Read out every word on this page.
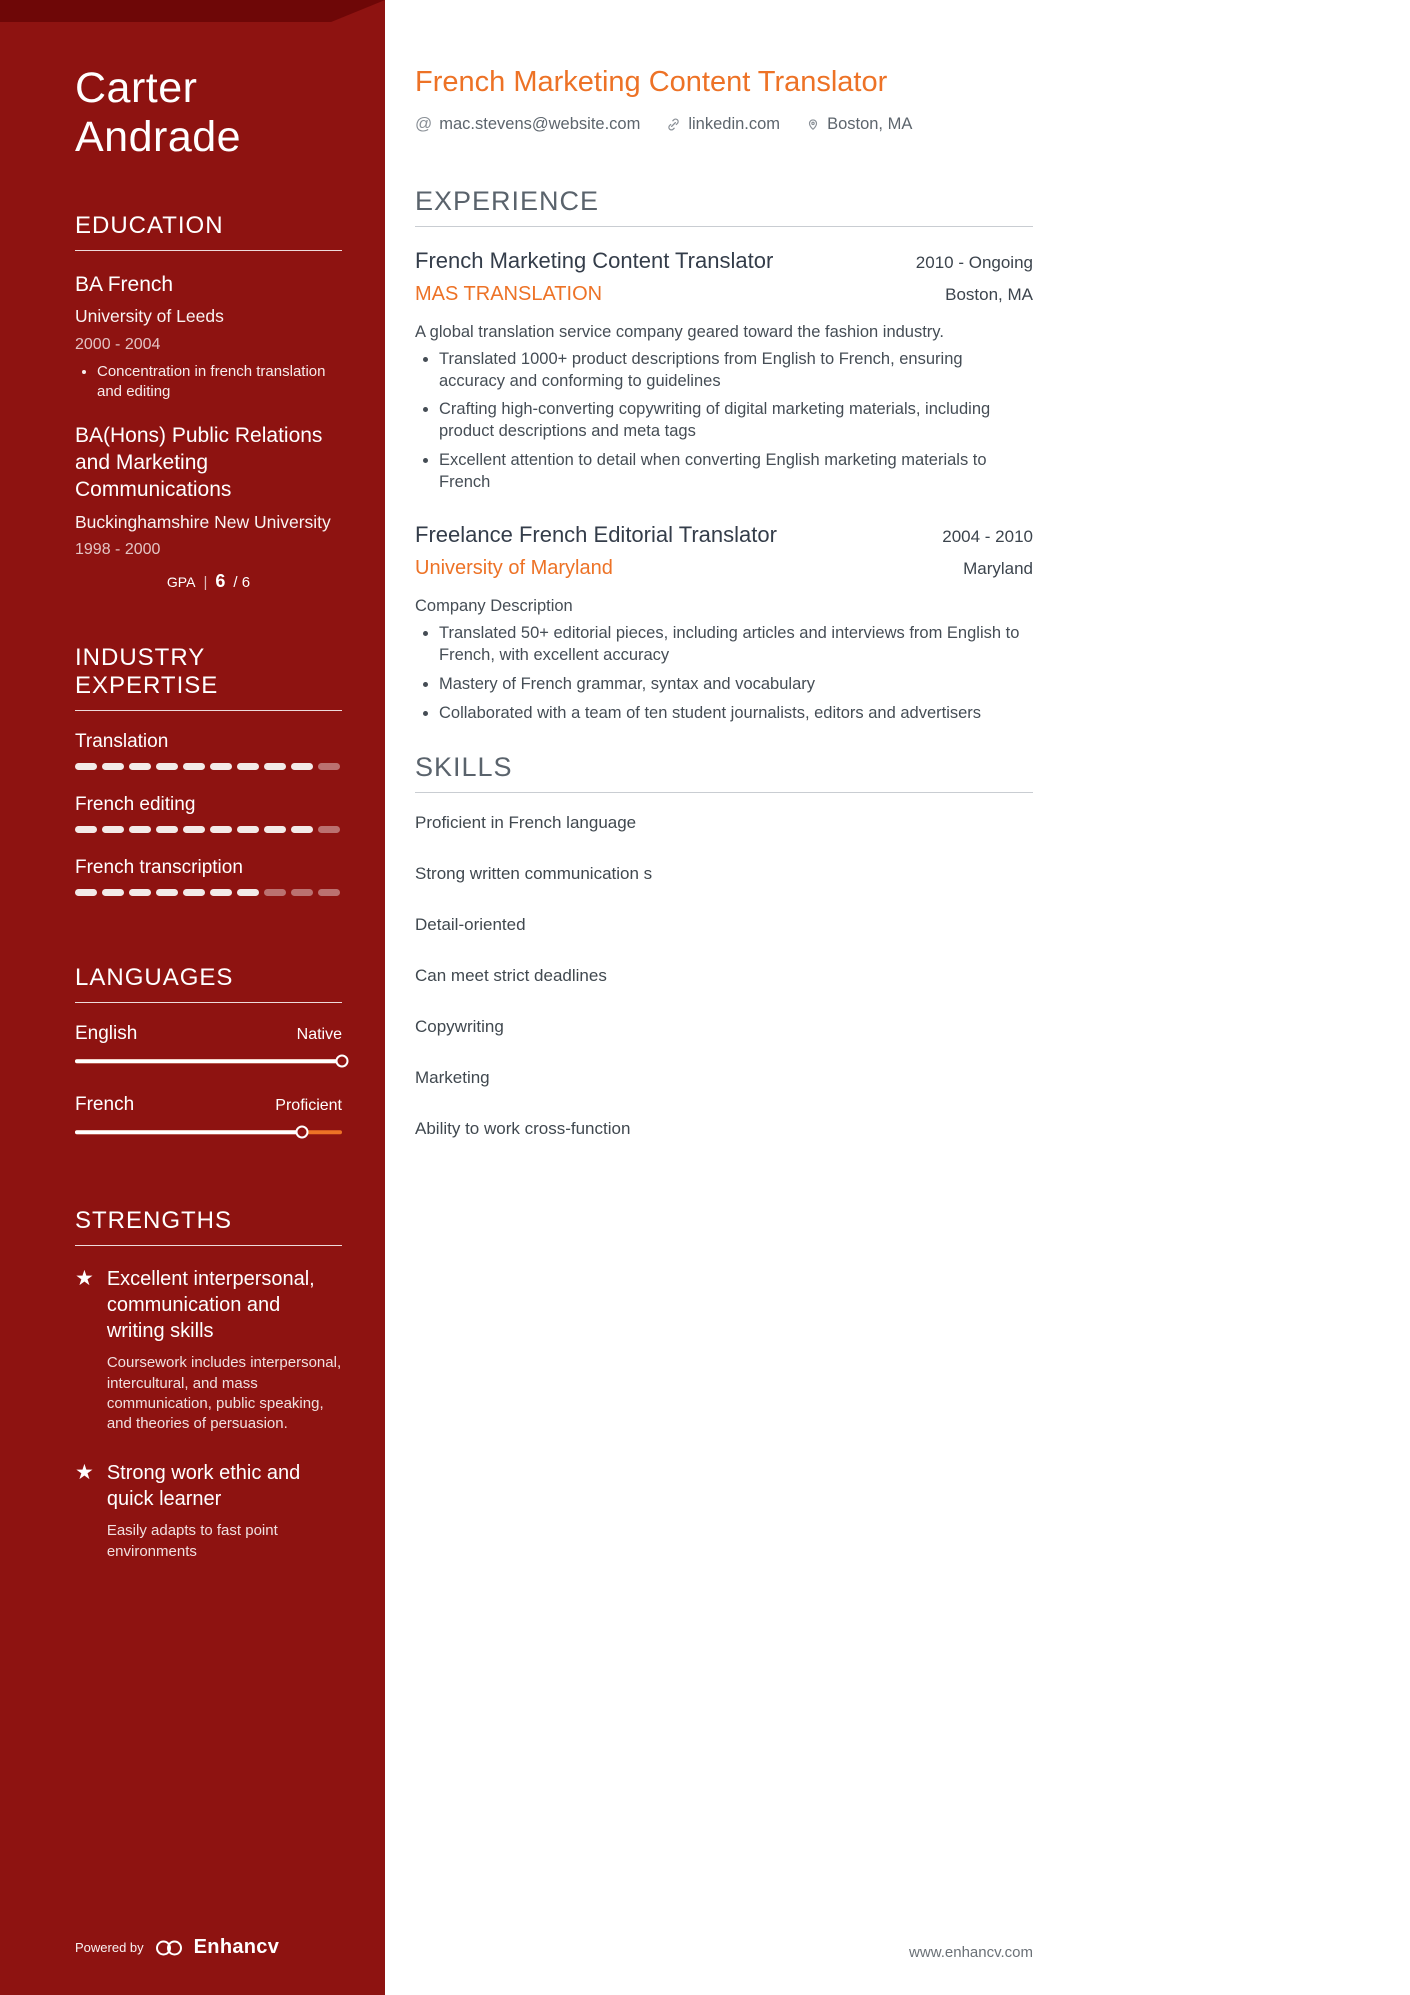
Carter Andrade
EDUCATION
BA French
University of Leeds
2000 - 2004
• Concentration in french translation and editing
BA(Hons) Public Relations and Marketing Communications
Buckinghamshire New University
1998 - 2000
GPA | 6 / 6
INDUSTRY EXPERTISE
Translation
French editing
French transcription
LANGUAGES
English	Native
French	Proficient
STRENGTHS
★ Excellent interpersonal, communication and writing skills
Coursework includes interpersonal, intercultural, and mass communication, public speaking, and theories of persuasion.
★ Strong work ethic and quick learner
Easily adapts to fast point environments
Powered by	Enhancv
French Marketing Content Translator
@ mac.stevens@website.com	linkedin.com	Boston, MA
EXPERIENCE
French Marketing Content Translator	2010 - Ongoing
MAS TRANSLATION	Boston, MA
A global translation service company geared toward the fashion industry.
• Translated 1000+ product descriptions from English to French, ensuring accuracy and conforming to guidelines
• Crafting high-converting copywriting of digital marketing materials, including product descriptions and meta tags
• Excellent attention to detail when converting English marketing materials to French
Freelance French Editorial Translator	2004 - 2010
University of Maryland	Maryland
Company Description
• Translated 50+ editorial pieces, including articles and interviews from English to French, with excellent accuracy
• Mastery of French grammar, syntax and vocabulary
• Collaborated with a team of ten student journalists, editors and advertisers
SKILLS
Proficient in French language
Strong written communication s
Detail-oriented
Can meet strict deadlines
Copywriting
Marketing
Ability to work cross-function
www.enhancv.com
